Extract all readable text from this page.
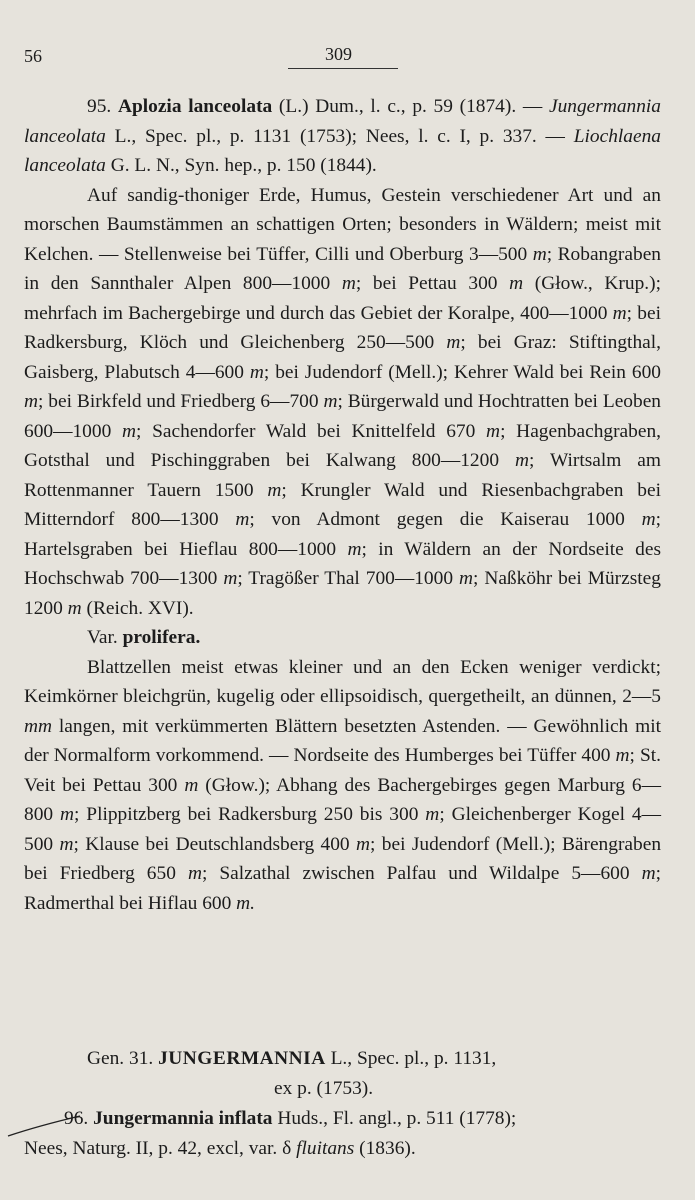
56	309

95. Aplozia lanceolata (L.) Dum., l. c., p. 59 (1874). — Jungermannia lanceolata L., Spec. pl., p. 1131 (1753); Nees, l. c. I, p. 337. — Liochlaena lanceolata G. L. N., Syn. hep., p. 150 (1844).

Auf sandig-thoniger Erde, Humus, Gestein verschiedener Art und an morschen Baumstämmen an schattigen Orten; besonders in Wäldern; meist mit Kelchen. — Stellenweise bei Tüffer, Cilli und Oberburg 3—500 m; Robangraben in den Sannthaler Alpen 800—1000 m; bei Pettau 300 m (Głow., Krup.); mehrfach im Bachergebirge und durch das Gebiet der Koralpe, 400—1000 m; bei Radkersburg, Klöch und Gleichenberg 250—500 m; bei Graz: Stiftingthal, Gaisberg, Plabutsch 4—600 m; bei Judendorf (Mell.); Kehrer Wald bei Rein 600 m; bei Birkfeld und Friedberg 6—700 m; Bürgerwald und Hochtratten bei Leoben 600—1000 m; Sachendorfer Wald bei Knittelfeld 670 m; Hagenbachgraben, Gotsthal und Pischinggraben bei Kalwang 800—1200 m; Wirtsalm am Rottenmanner Tauern 1500 m; Krungler Wald und Riesenbachgraben bei Mitterndorf 800—1300 m; von Admont gegen die Kaiserau 1000 m; Hartelsgraben bei Hieflau 800—1000 m; in Wäldern an der Nordseite des Hochschwab 700—1300 m; Tragößer Thal 700—1000 m; Naßköhr bei Mürzsteg 1200 m (Reich. XVI).

Var. prolifera.

Blattzellen meist etwas kleiner und an den Ecken weniger verdickt; Keimkörner bleichgrün, kugelig oder ellipsoidisch, quergetheilt, an dünnen, 2—5 mm langen, mit verkümmerten Blättern besetzten Astenden. — Gewöhnlich mit der Normalform vorkommend. — Nordseite des Humberges bei Tüffer 400 m; St. Veit bei Pettau 300 m (Głow.); Abhang des Bachergebirges gegen Marburg 6—800 m; Plippitzberg bei Radkersburg 250 bis 300 m; Gleichenberger Kogel 4—500 m; Klause bei Deutschlandsberg 400 m; bei Judendorf (Mell.); Bärengraben bei Friedberg 650 m; Salzathal zwischen Palfau und Wildalpe 5—600 m; Radmerthal bei Hiflau 600 m.

Gen. 31. JUNGERMANNIA L., Spec. pl., p. 1131,
ex p. (1753).
96. Jungermannia inflata Huds., Fl. angl., p. 511 (1778);
Nees, Naturg. II, p. 42, excl, var. δ fluitans (1836).
